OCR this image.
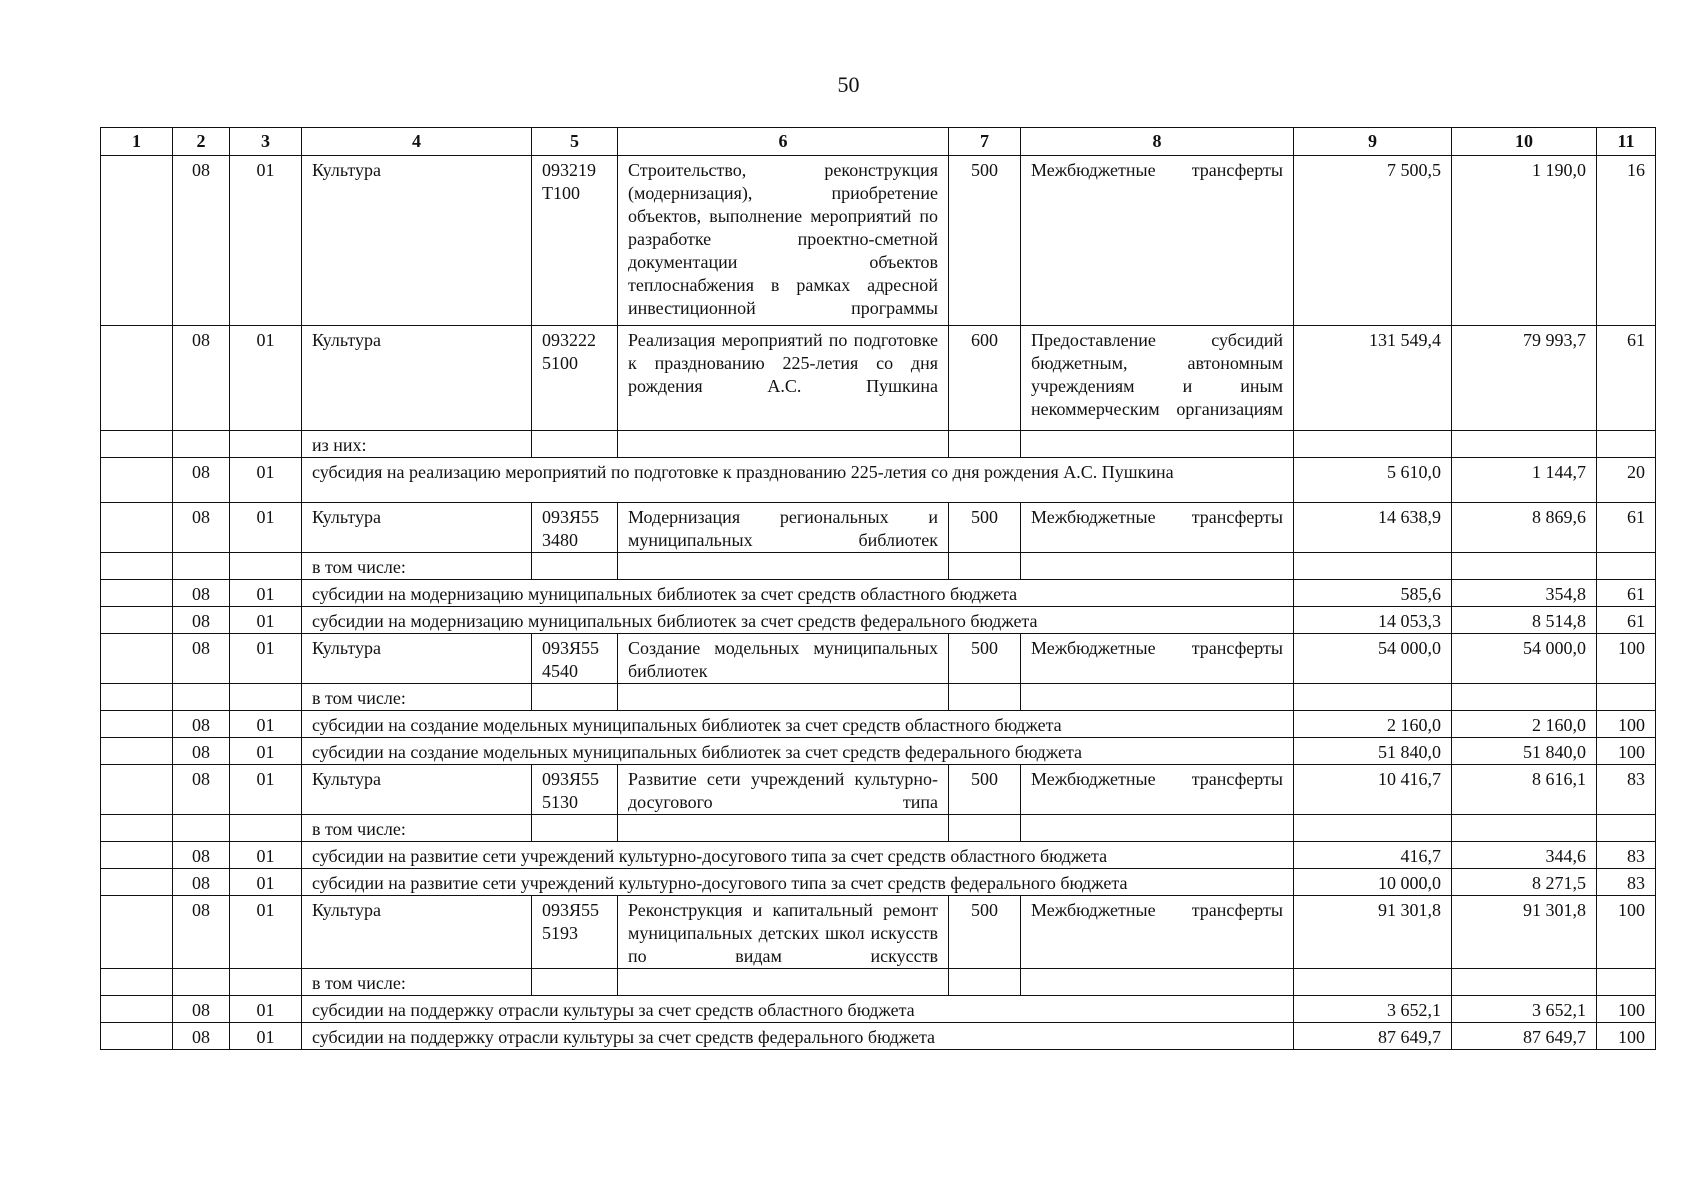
50
1	2	3	4	5	6	7	8	9	10	11
	08	01	Культура	093219 Т100	Строительство, реконструкция (модернизация), приобретение объектов, выполнение мероприятий по разработке проектно-сметной документации объектов теплоснабжения в рамках адресной инвестиционной программы	500	Межбюджетные трансферты	7 500,5	1 190,0	16
	08	01	Культура	093222 5100	Реализация мероприятий по подготовке к празднованию 225-летия со дня рождения А.С. Пушкина	600	Предоставление субсидий бюджетным, автономным учреждениям и иным некоммерческим организациям	131 549,4	79 993,7	61
			из них:							
	08	01	субсидия на реализацию мероприятий по подготовке к празднованию 225-летия со дня рождения А.С. Пушкина					5 610,0	1 144,7	20
	08	01	Культура	093Я55 3480	Модернизация региональных и муниципальных библиотек	500	Межбюджетные трансферты	14 638,9	8 869,6	61
			в том числе:							
	08	01	субсидии на модернизацию муниципальных библиотек за счет средств областного бюджета					585,6	354,8	61
	08	01	субсидии на модернизацию муниципальных библиотек за счет средств федерального бюджета					14 053,3	8 514,8	61
	08	01	Культура	093Я55 4540	Создание модельных муниципальных библиотек	500	Межбюджетные трансферты	54 000,0	54 000,0	100
			в том числе:							
	08	01	субсидии на создание модельных муниципальных библиотек за счет средств областного бюджета					2 160,0	2 160,0	100
	08	01	субсидии на создание модельных муниципальных библиотек за счет средств федерального бюджета					51 840,0	51 840,0	100
	08	01	Культура	093Я55 5130	Развитие сети учреждений культурно-досугового типа	500	Межбюджетные трансферты	10 416,7	8 616,1	83
			в том числе:							
	08	01	субсидии на развитие сети учреждений культурно-досугового типа за счет средств областного бюджета					416,7	344,6	83
	08	01	субсидии на развитие сети учреждений культурно-досугового типа за счет средств федерального бюджета					10 000,0	8 271,5	83
	08	01	Культура	093Я55 5193	Реконструкция и капитальный ремонт муниципальных детских школ искусств по видам искусств	500	Межбюджетные трансферты	91 301,8	91 301,8	100
			в том числе:							
	08	01	субсидии на поддержку отрасли культуры за счет средств областного бюджета					3 652,1	3 652,1	100
	08	01	субсидии на поддержку отрасли культуры за счет средств федерального бюджета					87 649,7	87 649,7	100
